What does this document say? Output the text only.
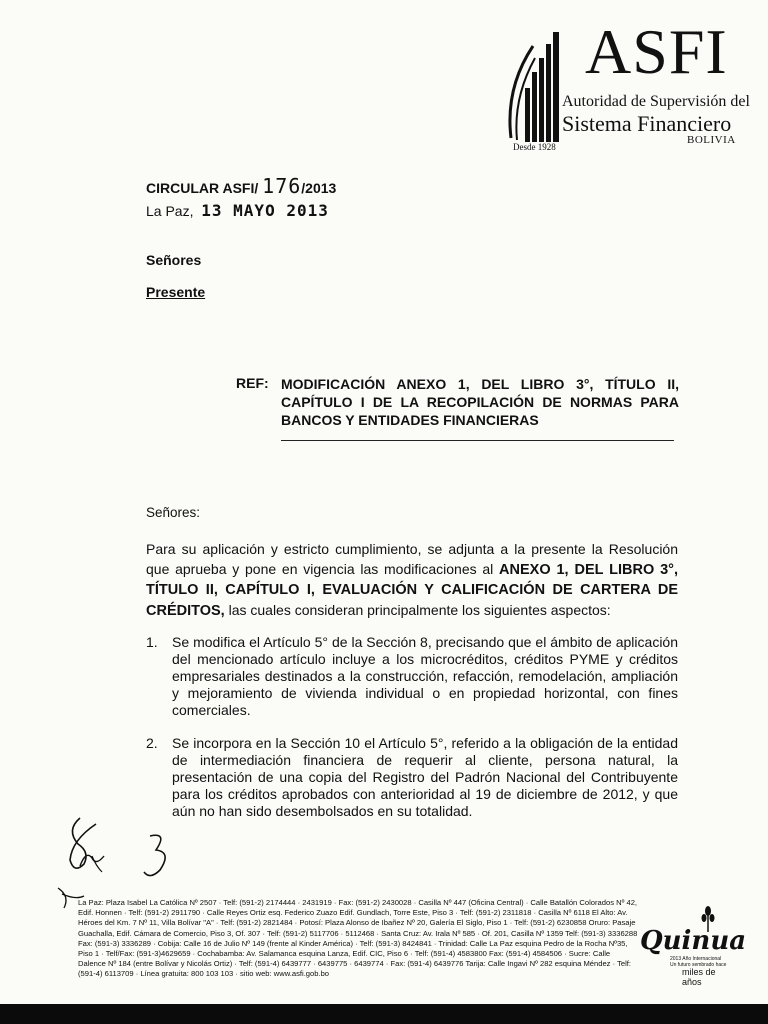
ASFI
Autoridad de Supervisión del
Sistema Financiero
BOLIVIA
Desde 1928
CIRCULAR ASFI/ 176/2013
La Paz, 13 MAYO 2013
Señores
Presente
REF: MODIFICACIÓN ANEXO 1, DEL LIBRO 3°, TÍTULO II, CAPÍTULO I DE LA RECOPILACIÓN DE NORMAS PARA BANCOS Y ENTIDADES FINANCIERAS
Señores:
Para su aplicación y estricto cumplimiento, se adjunta a la presente la Resolución que aprueba y pone en vigencia las modificaciones al ANEXO 1, DEL LIBRO 3°, TÍTULO II, CAPÍTULO I, EVALUACIÓN Y CALIFICACIÓN DE CARTERA DE CRÉDITOS, las cuales consideran principalmente los siguientes aspectos:
1. Se modifica el Artículo 5° de la Sección 8, precisando que el ámbito de aplicación del mencionado artículo incluye a los microcréditos, créditos PYME y créditos empresariales destinados a la construcción, refacción, remodelación, ampliación y mejoramiento de vivienda individual o en propiedad horizontal, con fines comerciales.
2. Se incorpora en la Sección 10 el Artículo 5°, referido a la obligación de la entidad de intermediación financiera de requerir al cliente, persona natural, la presentación de una copia del Registro del Padrón Nacional del Contribuyente para los créditos aprobados con anterioridad al 19 de diciembre de 2012, y que aún no han sido desembolsados en su totalidad.
La Paz: Plaza Isabel La Católica Nº 2507 · Telf: (591-2) 2174444 · 2431919 · Fax: (591-2) 2430028 · Casilla Nº 447 (Oficina Central) · Calle Batallón Colorados Nº 42, Edif. Honnen · Telf: (591-2) 2911790 · Calle Reyes Ortiz esq. Federico Zuazo Edif. Gundlach, Torre Este, Piso 3 · Telf: (591-2) 2311818 · Casilla Nº 6118 El Alto: Av. Héroes del Km. 7 Nº 11, Villa Bolívar "A" · Telf: (591-2) 2821484 · Potosí: Plaza Alonso de Ibañez Nº 20, Galería El Siglo, Piso 1 · Telf: (591-2) 6230858 Oruro: Pasaje Guachalla, Edif. Cámara de Comercio, Piso 3, Of. 307 · Telf: (591-2) 5117706 · 5112468 · Santa Cruz: Av. Irala Nº 585 · Of. 201, Casilla Nº 1359 Telf: (591-3) 3336288 Fax: (591-3) 3336289 · Cobija: Calle 16 de Julio Nº 149 (frente al Kinder América) · Telf: (591-3) 8424841 · Trinidad: Calle La Paz esquina Pedro de la Rocha Nº35, Piso 1 · Telf/Fax: (591-3)4629659 · Cochabamba: Av. Salamanca esquina Lanza, Edif. CIC, Piso 6 · Telf: (591-4) 4583800 Fax: (591-4) 4584506 · Sucre: Calle Dalence Nº 184 (entre Bolívar y Nicolás Ortiz) · Telf: (591-4) 6439777 · 6439775 · 6439774 · Fax: (591-4) 6439776 Tarija: Calle Ingavi Nº 282 esquina Méndez · Telf: (591-4) 6113709 · Línea gratuita: 800 103 103 · sitio web: www.asfi.gob.bo
Quinua
2013 Año Internacional
Un futuro sembrado hace
miles de años
